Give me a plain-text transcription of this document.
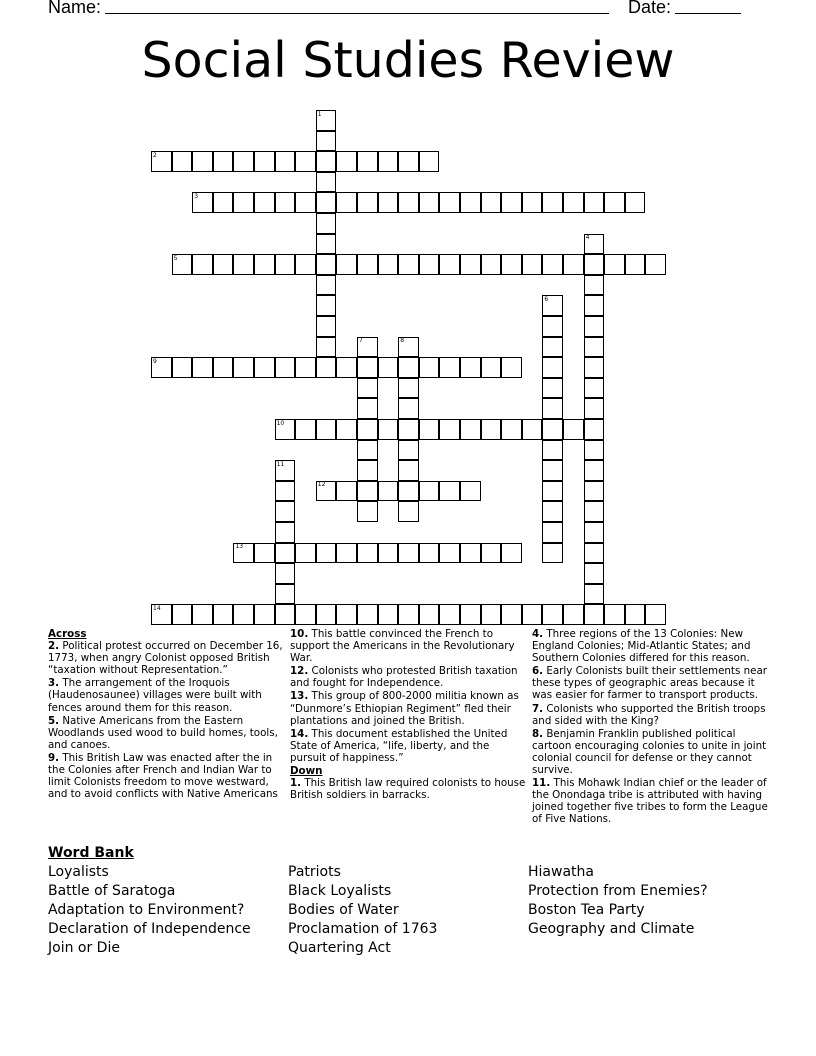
Name:	Date:
Social Studies Review
1
2
3
4
5
6
7	8
9
10
11
12
13
14
Across
2. Political protest occurred on December 16, 1773, when angry Colonist opposed British “taxation without Representation.”
3. The arrangement of the Iroquois (Haudenosaunee) villages were built with fences around them for this reason.
5. Native Americans from the Eastern Woodlands used wood to build homes, tools, and canoes.
9. This British Law was enacted after the in the Colonies after French and Indian War to limit Colonists freedom to move westward, and to avoid conflicts with Native Americans
10. This battle convinced the French to support the Americans in the Revolutionary War.
12. Colonists who protested British taxation and fought for Independence.
13. This group of 800-2000 militia known as “Dunmore’s Ethiopian Regiment” fled their plantations and joined the British.
14. This document established the United State of America, “life, liberty, and the pursuit of happiness.”
Down
1. This British law required colonists to house British soldiers in barracks.
4. Three regions of the 13 Colonies: New England Colonies; Mid-Atlantic States; and Southern Colonies differed for this reason.
6. Early Colonists built their settlements near these types of geographic areas because it was easier for farmer to transport products.
7. Colonists who supported the British troops and sided with the King?
8. Benjamin Franklin published political cartoon encouraging colonies to unite in joint colonial council for defense or they cannot survive.
11. This Mohawk Indian chief or the leader of the Onondaga tribe is attributed with having joined together five tribes to form the League of Five Nations.
Word Bank
Loyalists
Battle of Saratoga
Adaptation to Environment?
Declaration of Independence
Join or Die
Patriots
Black Loyalists
Bodies of Water
Proclamation of 1763
Quartering Act
Hiawatha
Protection from Enemies?
Boston Tea Party
Geography and Climate
